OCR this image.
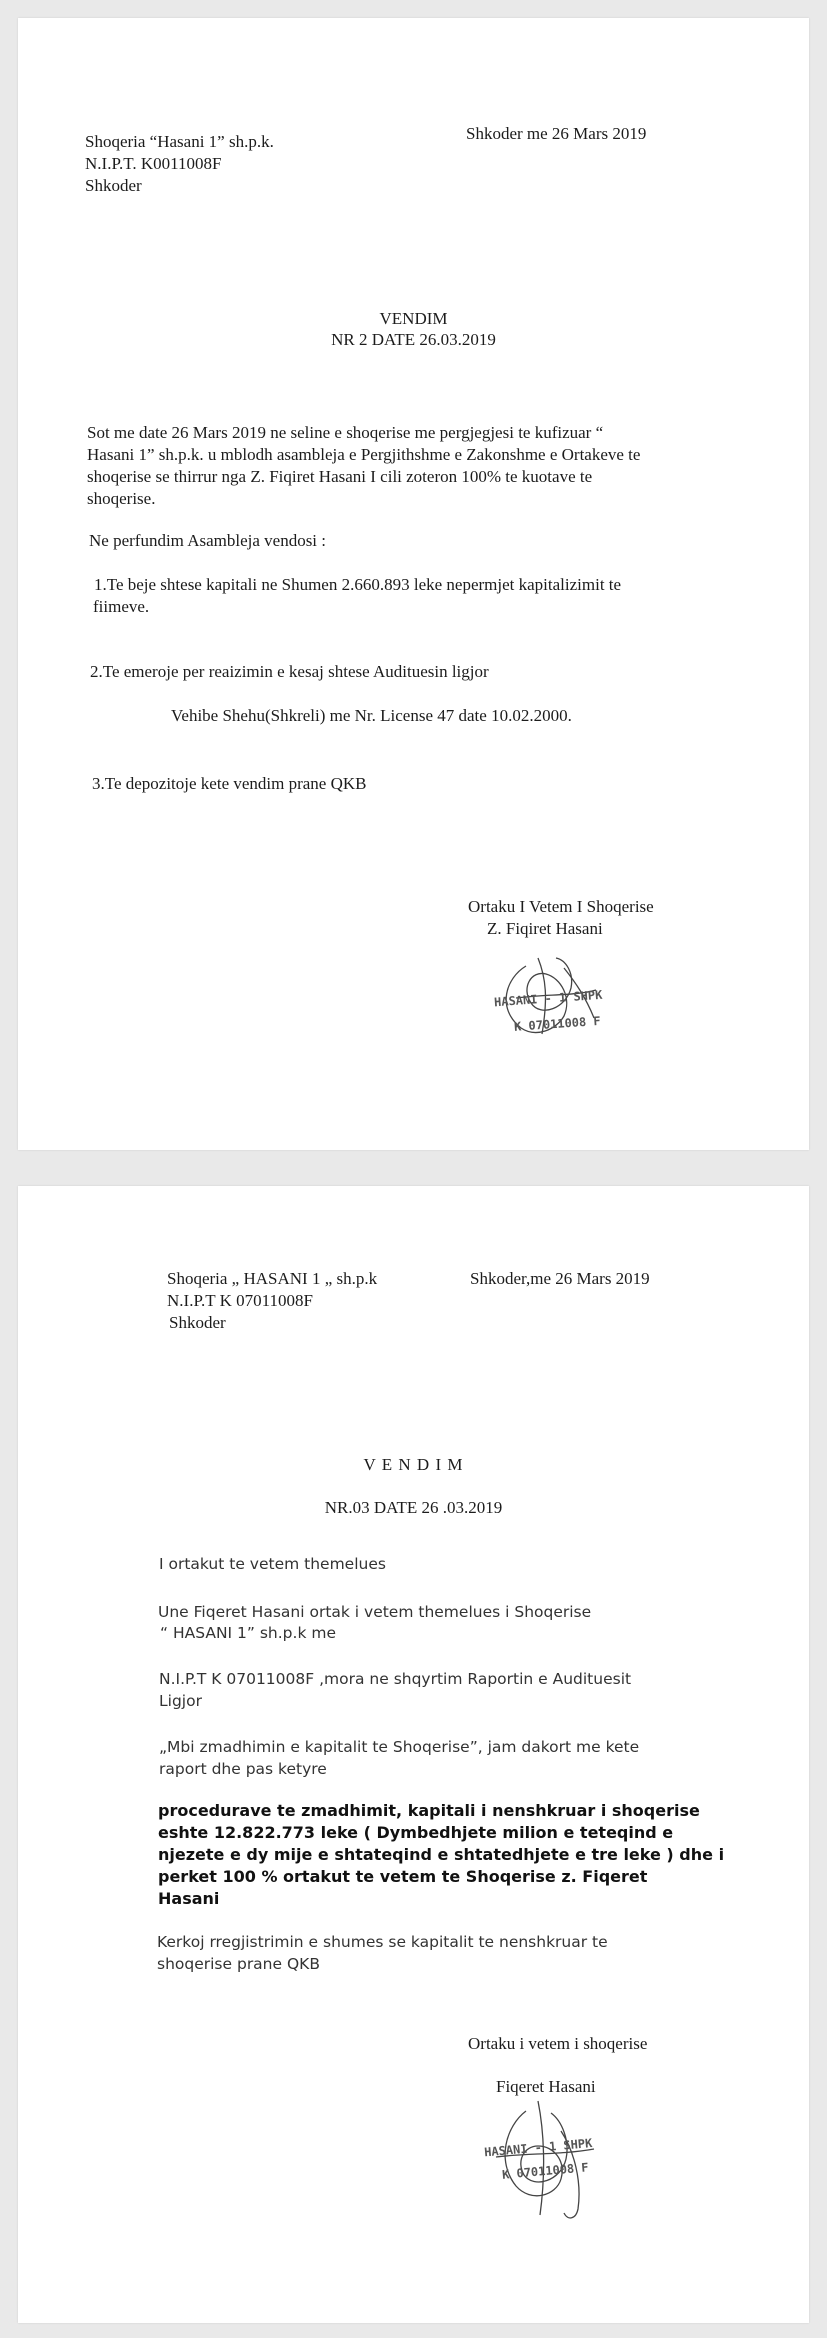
Shoqeria “Hasani 1” sh.p.k.
N.I.P.T. K0011008F
Shkoder
Shkoder me 26 Mars 2019
VENDIM
NR 2 DATE 26.03.2019
Sot me date 26 Mars 2019 ne seline e shoqerise me pergjegjesi te kufizuar “
Hasani 1” sh.p.k. u mblodh asambleja e Pergjithshme e Zakonshme e Ortakeve te
shoqerise se thirrur nga Z. Fiqiret Hasani I cili zoteron 100% te kuotave te
shoqerise.
Ne perfundim Asambleja vendosi :
1.Te beje shtese kapitali ne Shumen 2.660.893 leke nepermjet kapitalizimit te
fiimeve.
2.Te emeroje per reaizimin e kesaj shtese Audituesin ligjor
Vehibe Shehu(Shkreli) me Nr. License 47 date 10.02.2000.
3.Te depozitoje kete vendim prane QKB
Ortaku I Vetem I Shoqerise
Z. Fiqiret Hasani
HASANI - 1 SHPK
K 07011008 F
Shoqeria „ HASANI 1 „ sh.p.k
N.I.P.T K 07011008F
Shkoder
Shkoder,me 26 Mars 2019
V E N D I M
NR.03 DATE 26 .03.2019
I ortakut te vetem themelues
Une Fiqeret Hasani ortak i vetem themelues i Shoqerise
“ HASANI 1” sh.p.k me
N.I.P.T K 07011008F ,mora ne shqyrtim Raportin e Audituesit
Ligjor
„Mbi zmadhimin e kapitalit te Shoqerise”, jam dakort me kete
raport dhe pas ketyre
procedurave te zmadhimit, kapitali i nenshkruar i shoqerise
eshte 12.822.773 leke ( Dymbedhjete milion e teteqind e
njezete e dy mije e shtateqind e shtatedhjete e tre leke ) dhe i
perket 100 % ortakut te vetem te Shoqerise z. Fiqeret
Hasani
Kerkoj rregjistrimin e shumes se kapitalit te nenshkruar te
shoqerise prane QKB
Ortaku i vetem i shoqerise
Fiqeret Hasani
HASANI - 1 SHPK
K 07011008 F
